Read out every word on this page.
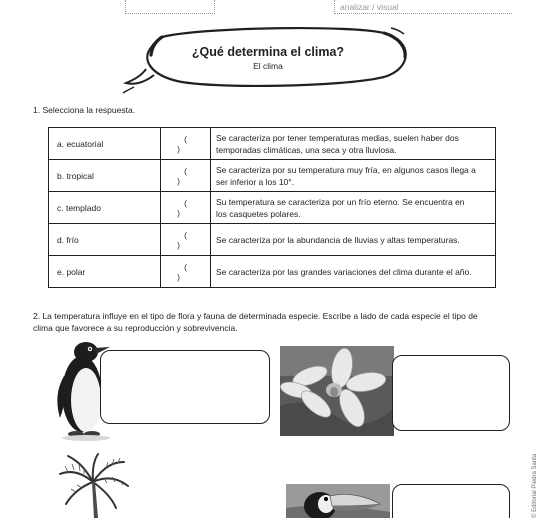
analizar / visual
¿Qué determina el clima?
El clima
1. Selecciona la respuesta.
a. ecuatorial	( )	Se caracteriza por tener temperaturas medias, suelen haber dos
temporadas climáticas, una seca y otra lluviosa.

b. tropical	( )	Se caracteriza por su temperatura muy fría, en algunos casos llega a
ser inferior a los 10°.

c. templado	( )	Su temperatura se caracteriza por un frío eterno. Se encuentra en
los casquetes polares.

d. frío	( )	Se caracteriza por la abundancia de lluvias y altas temperaturas.

e. polar	( )	Se caracteriza por las grandes variaciones del clima durante el año.
2. La temperatura influye en el tipo de flora y fauna de determinada especie. Escribe a lado de cada especie el tipo de
clima que favorece a su reproducción y sobrevivencia.
© Editorial Piedra Santa
